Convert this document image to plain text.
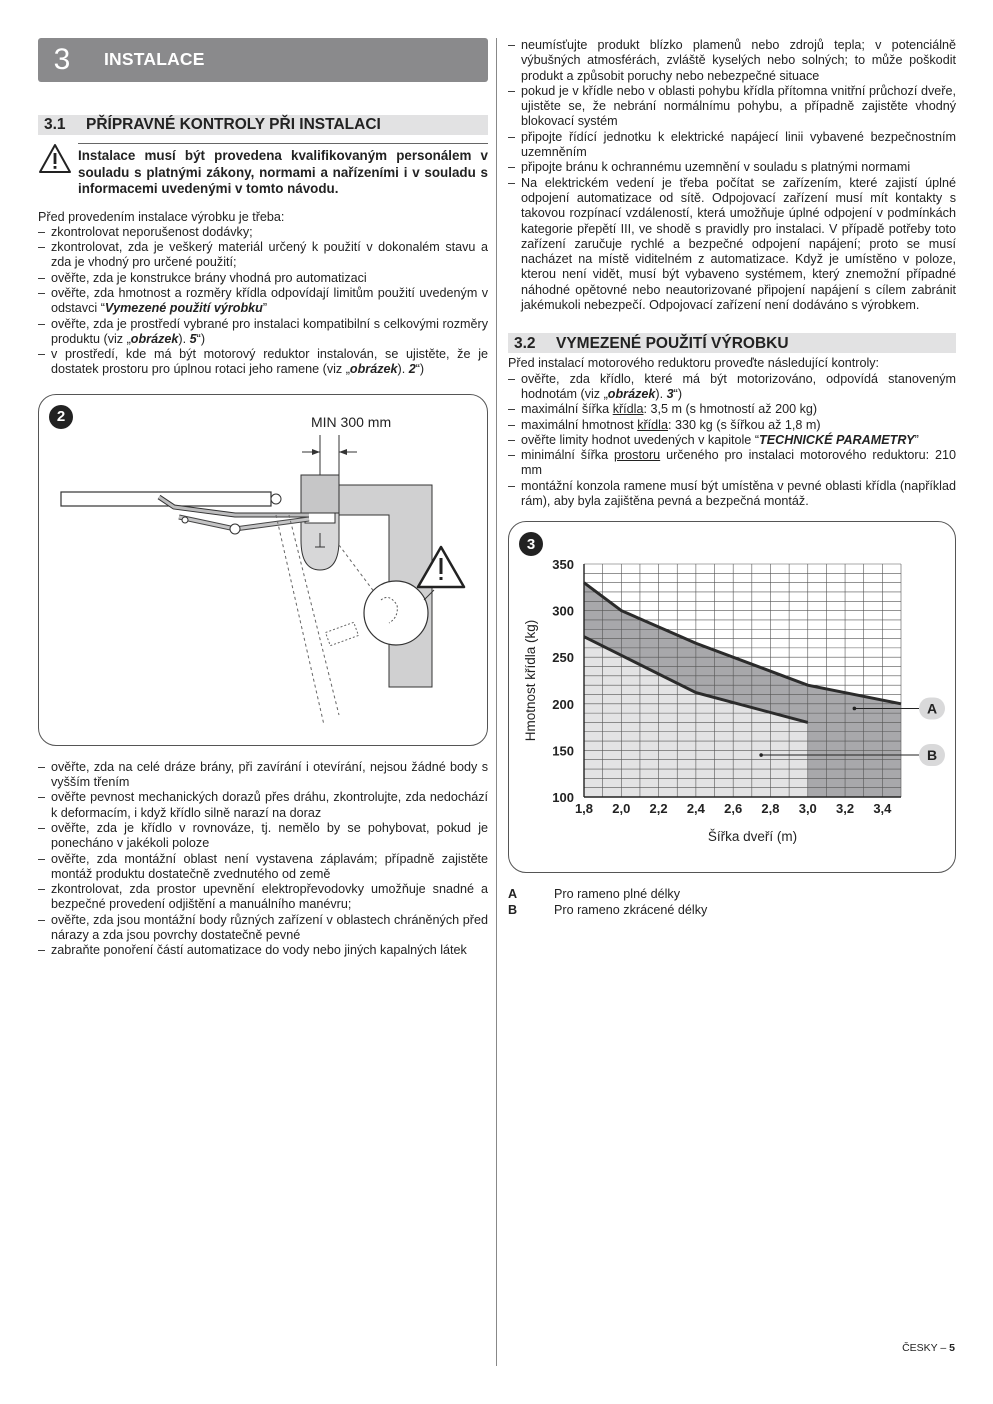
3	INSTALACE
3.1	PŘÍPRAVNÉ KONTROLY PŘI INSTALACI
Instalace musí být provedena kvalifikovaným personálem v souladu s platnými zákony, normami a nařízeními i v souladu s informacemi uvedenými v tomto návodu.

Před provedením instalace výrobku je třeba:

– zkontrolovat neporušenost dodávky;
– zkontrolovat, zda je veškerý materiál určený k použití v dokonalém stavu a zda je vhodný pro určené použití;
– ověřte, zda je konstrukce brány vhodná pro automatizaci
– ověřte, zda hmotnost a rozměry křídla odpovídají limitům použití uvedeným v odstavci “Vymezené použití výrobku”
– ověřte, zda je prostředí vybrané pro instalaci kompatibilní s celkovými rozměry produktu (viz „obrázek). 5“)
– v prostředí, kde má být motorový reduktor instalován, se ujistěte, že je dostatek prostoru pro úplnou rotaci jeho ramene (viz „obrázek). 2“)
2	MIN 300 mm
– ověřte, zda na celé dráze brány, při zavírání i otevírání, nejsou žádné body s vyšším třením
– ověřte pevnost mechanických dorazů přes dráhu, zkontrolujte, zda nedochází k deformacím, i když křídlo silně narazí na doraz
– ověřte, zda je křídlo v rovnováze, tj. nemělo by se pohybovat, pokud je ponecháno v jakékoli poloze
– ověřte, zda montážní oblast není vystavena záplavám; případně zajistěte montáž produktu dostatečně zvednutého od země
– zkontrolovat, zda prostor upevnění elektropřevodovky umožňuje snadné a bezpečné provedení odjištění a manuálního manévru;
– ověřte, zda jsou montážní body různých zařízení v oblastech chráněných před nárazy a zda jsou povrchy dostatečně pevné
– zabraňte ponoření částí automatizace do vody nebo jiných kapalných látek
– neumísťujte produkt blízko plamenů nebo zdrojů tepla; v potenciálně výbušných atmosférách, zvláště kyselých nebo solných; to může poškodit produkt a způsobit poruchy nebo nebezpečné situace
– pokud je v křídle nebo v oblasti pohybu křídla přítomna vnitřní průchozí dveře, ujistěte se, že nebrání normálnímu pohybu, a případně zajistěte vhodný blokovací systém
– připojte řídící jednotku k elektrické napájecí linii vybavené bezpečnostním uzemněním
– připojte bránu k ochrannému uzemnění v souladu s platnými normami
– Na elektrickém vedení je třeba počítat se zařízením, které zajistí úplné odpojení automatizace od sítě. Odpojovací zařízení musí mít kontakty s takovou rozpínací vzdáleností, která umožňuje úplné odpojení v podmínkách kategorie přepětí III, ve shodě s pravidly pro instalaci. V případě potřeby toto zařízení zaručuje rychlé a bezpečné odpojení napájení; proto se musí nacházet na místě viditelném z automatizace. Když je umístěno v poloze, kterou není vidět, musí být vybaveno systémem, který znemožní případné náhodné opětovné nebo neautorizované připojení napájení s cílem zabránit jakémukoli nebezpečí. Odpojovací zařízení není dodáváno s výrobkem.
3.2	VYMEZENÉ POUŽITÍ VÝROBKU

Před instalací motorového reduktoru proveďte následující kontroly:

– ověřte, zda křídlo, které má být motorizováno, odpovídá stanoveným hodnotám (viz „obrázek). 3“)
– maximální šířka křídla: 3,5 m (s hmotností až 200 kg)
– maximální hmotnost křídla: 330 kg (s šířkou až 1,8 m)
– ověřte limity hodnot uvedených v kapitole “TECHNICKÉ PARAMETRY”
– minimální šířka prostoru určeného pro instalaci motorového reduktoru: 210 mm
– montážní konzola ramene musí být umístěna v pevné oblasti křídla (například rám), aby byla zajištěna pevná a bezpečná montáž.
3
1,8 2,0 2,2 2,4 2,6 2,8 3,0 3,2 3,4
100
150
200
250
300
350
Šířka dveří (m)
Hmotnost křídla (kg)	A
B
A	Pro rameno plné délky
B	Pro rameno zkrácené délky
ČESKY – 5
